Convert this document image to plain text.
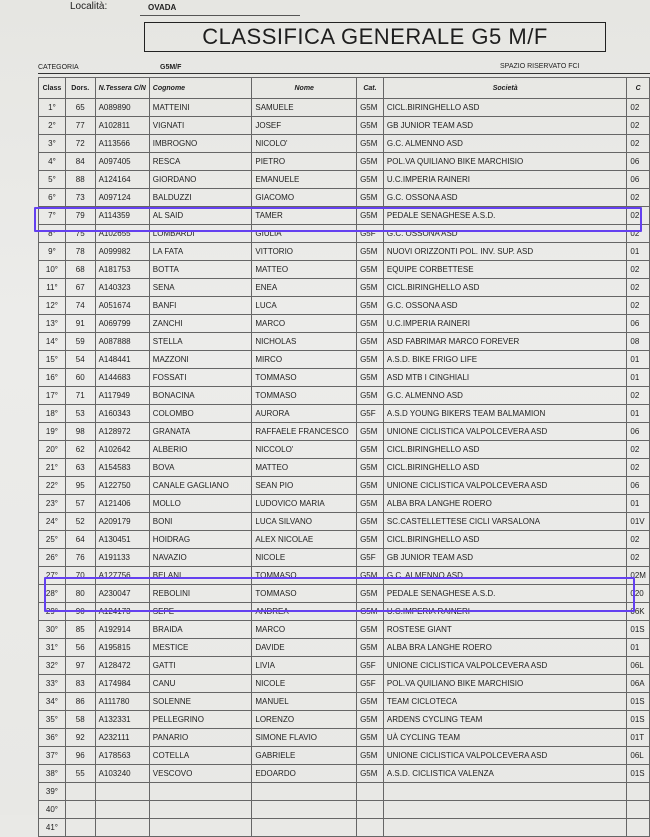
Località:	OVADA
CLASSIFICA GENERALE G5 M/F
CATEGORIA	G5M/F	SPAZIO RISERVATO FCI
Class	Dors.	N.Tessera C/N	Cognome	Nome	Cat.	Società	C
1°	65	A089890	MATTEINI	SAMUELE	G5M	CICL.BIRINGHELLO ASD	02
2°	77	A102811	VIGNATI	JOSEF	G5M	GB JUNIOR TEAM ASD	02
3°	72	A113566	IMBROGNO	NICOLO'	G5M	G.C. ALMENNO ASD	02
4°	84	A097405	RESCA	PIETRO	G5M	POL.VA QUILIANO BIKE MARCHISIO	06
5°	88	A124164	GIORDANO	EMANUELE	G5M	U.C.IMPERIA RAINERI	06
6°	73	A097124	BALDUZZI	GIACOMO	G5M	G.C. OSSONA ASD	02
7°	79	A114359	AL SAID	TAMER	G5M	PEDALE SENAGHESE A.S.D.	02
8°	75	A102655	LOMBARDI	GIULIA	G5F	G.C. OSSONA ASD	02
9°	78	A099982	LA FATA	VITTORIO	G5M	NUOVI ORIZZONTI POL. INV. SUP. ASD	01
10°	68	A181753	BOTTA	MATTEO	G5M	EQUIPE CORBETTESE	02
11°	67	A140323	SENA	ENEA	G5M	CICL.BIRINGHELLO ASD	02
12°	74	A051674	BANFI	LUCA	G5M	G.C. OSSONA ASD	02
13°	91	A069799	ZANCHI	MARCO	G5M	U.C.IMPERIA RAINERI	06
14°	59	A087888	STELLA	NICHOLAS	G5M	ASD FABRIMAR MARCO FOREVER	08
15°	54	A148441	MAZZONI	MIRCO	G5M	A.S.D. BIKE FRIGO LIFE	01
16°	60	A144683	FOSSATI	TOMMASO	G5M	ASD MTB I CINGHIALI	01
17°	71	A117949	BONACINA	TOMMASO	G5M	G.C. ALMENNO ASD	02
18°	53	A160343	COLOMBO	AURORA	G5F	A.S.D YOUNG BIKERS TEAM BALMAMION	01
19°	98	A128972	GRANATA	RAFFAELE FRANCESCO	G5M	UNIONE CICLISTICA VALPOLCEVERA ASD	06
20°	62	A102642	ALBERIO	NICCOLO'	G5M	CICL.BIRINGHELLO ASD	02
21°	63	A154583	BOVA	MATTEO	G5M	CICL.BIRINGHELLO ASD	02
22°	95	A122750	CANALE GAGLIANO	SEAN PIO	G5M	UNIONE CICLISTICA VALPOLCEVERA ASD	06
23°	57	A121406	MOLLO	LUDOVICO MARIA	G5M	ALBA BRA LANGHE ROERO	01
24°	52	A209179	BONI	LUCA SILVANO	G5M	SC.CASTELLETTESE CICLI VARSALONA	01V
25°	64	A130451	HOIDRAG	ALEX NICOLAE	G5M	CICL.BIRINGHELLO ASD	02
26°	76	A191133	NAVAZIO	NICOLE	G5F	GB JUNIOR TEAM ASD	02
27°	70	A127756	BELANI	TOMMASO	G5M	G.C. ALMENNO ASD	02M
28°	80	A230047	REBOLINI	TOMMASO	G5M	PEDALE SENAGHESE A.S.D.	020
29°	90	A124173	SEPE	ANDREA	G5M	U.C.IMPERIA RAINERI	06K
30°	85	A192914	BRAIDA	MARCO	G5M	ROSTESE GIANT	01S
31°	56	A195815	MESTICE	DAVIDE	G5M	ALBA BRA LANGHE ROERO	01
32°	97	A128472	GATTI	LIVIA	G5F	UNIONE CICLISTICA VALPOLCEVERA ASD	06L
33°	83	A174984	CANU	NICOLE	G5F	POL.VA QUILIANO BIKE MARCHISIO	06A
34°	86	A111780	SOLENNE	MANUEL	G5M	TEAM CICLOTECA	01S
35°	58	A132331	PELLEGRINO	LORENZO	G5M	ARDENS CYCLING TEAM	01S
36°	92	A232111	PANARIO	SIMONE FLAVIO	G5M	UÀ CYCLING TEAM	01T
37°	96	A178563	COTELLA	GABRIELE	G5M	UNIONE CICLISTICA VALPOLCEVERA ASD	06L
38°	55	A103240	VESCOVO	EDOARDO	G5M	A.S.D. CICLISTICA VALENZA	01S
39°							
40°							
41°							
